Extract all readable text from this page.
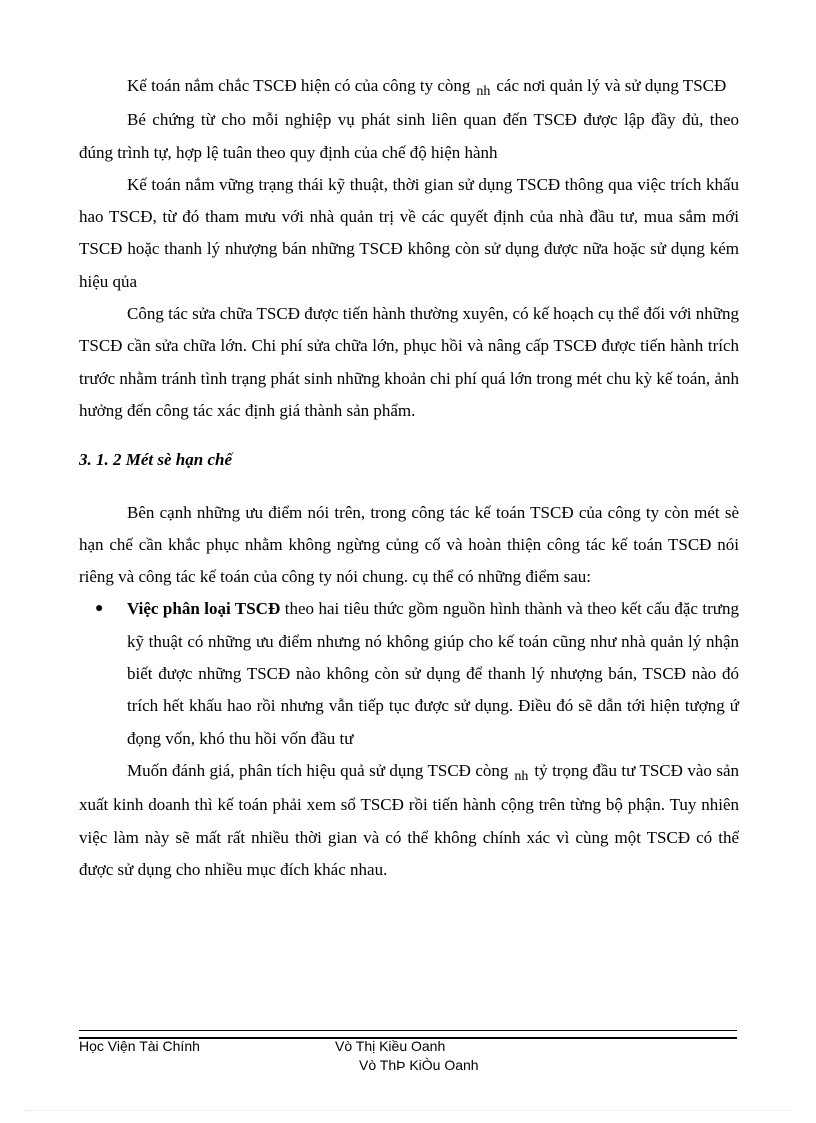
Kế toán nắm chắc TSCĐ hiện có của công ty còng $_{nh}$ các nơi quản lý và sử dụng TSCĐ

Bé chứng từ cho mỗi nghiệp vụ phát sinh liên quan đến TSCĐ được lập đầy đủ, theo đúng trình tự, hợp lệ tuân theo quy định của chế độ hiện hành

Kế toán nắm vững trạng thái kỹ thuật, thời gian sử dụng TSCĐ thông qua việc trích khấu hao TSCĐ, từ đó tham mưu với nhà quản trị về các quyết định của nhà đầu tư, mua sắm mới TSCĐ hoặc thanh lý nhượng bán những TSCĐ không còn sử dụng được nữa hoặc sử dụng kém hiệu qủa

Công tác sửa chữa TSCĐ được tiến hành thường xuyên, có kế hoạch cụ thể đối với những TSCĐ cần sửa chữa lớn. Chi phí sửa chữa lớn, phục hồi và nâng cấp TSCĐ được tiến hành trích trước nhằm tránh tình trạng phát sinh những khoản chi phí quá lớn trong mét chu kỳ kế toán, ảnh hưởng đến công tác xác định giá thành sản phẩm.

3. 1. 2 Mét sè hạn chế

Bên cạnh những ưu điểm nói trên, trong công tác kế toán TSCĐ của công ty còn mét sè hạn chế cần khắc phục nhằm không ngừng củng cố và hoàn thiện công tác kế toán TSCĐ nói riêng và công tác kế toán của công ty nói chung. cụ thể có những điểm sau:

● Việc phân loại TSCĐ theo hai tiêu thức gồm nguồn hình thành và theo kết cấu đặc trưng kỹ thuật có những ưu điểm nhưng nó không giúp cho kế toán cũng như nhà quản lý nhận biết được những TSCĐ nào không còn sử dụng để thanh lý nhượng bán, TSCĐ nào đó trích hết khấu hao rồi nhưng vẫn tiếp tục được sử dụng. Điều đó sẽ dẫn tới hiện tượng ứ đọng vốn, khó thu hồi vốn đầu tư

Muốn đánh giá, phân tích hiệu quả sử dụng TSCĐ còng $_{nh}$ tỷ trọng đầu tư TSCĐ vào sản xuất kinh doanh thì kế toán phải xem sổ TSCĐ rồi tiến hành cộng trên từng bộ phận. Tuy nhiên việc làm này sẽ mất rất nhiều thời gian và có thể không chính xác vì cùng một TSCĐ có thể được sử dụng cho nhiều mục đích khác nhau.

Học Viện Tài Chính	Vò Thị Kiều Oanh
Vò ThÞ KiÒu Oanh
